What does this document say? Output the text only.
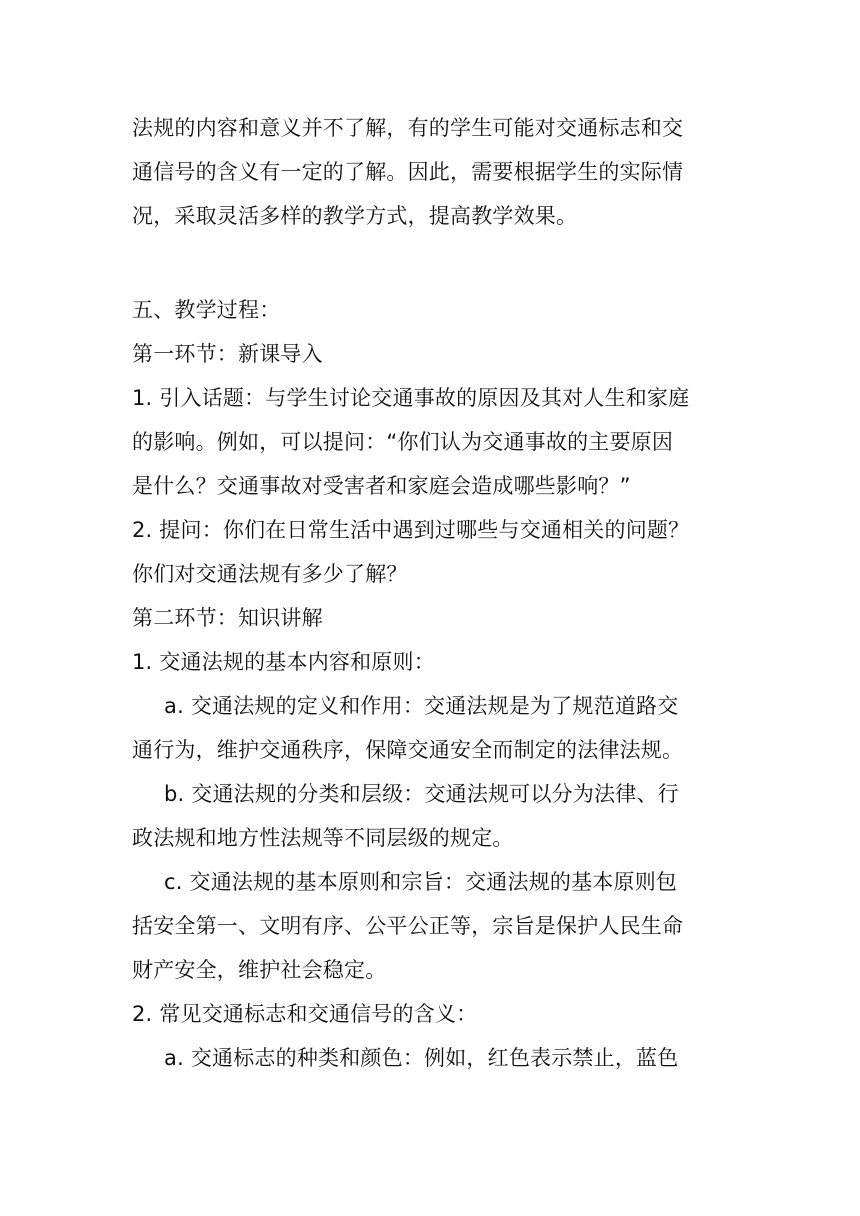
法规的内容和意义并不了解，有的学生可能对交通标志和交
通信号的含义有一定的了解。因此，需要根据学生的实际情
况，采取灵活多样的教学方式，提高教学效果。
五、教学过程：
第一环节：新课导入
1. 引入话题：与学生讨论交通事故的原因及其对人生和家庭
的影响。例如，可以提问：“你们认为交通事故的主要原因
是什么？交通事故对受害者和家庭会造成哪些影响？”
2. 提问：你们在日常生活中遇到过哪些与交通相关的问题？
你们对交通法规有多少了解？
第二环节：知识讲解
1. 交通法规的基本内容和原则：
a. 交通法规的定义和作用：交通法规是为了规范道路交
通行为，维护交通秩序，保障交通安全而制定的法律法规。
b. 交通法规的分类和层级：交通法规可以分为法律、行
政法规和地方性法规等不同层级的规定。
c. 交通法规的基本原则和宗旨：交通法规的基本原则包
括安全第一、文明有序、公平公正等，宗旨是保护人民生命
财产安全，维护社会稳定。
2. 常见交通标志和交通信号的含义：
a. 交通标志的种类和颜色：例如，红色表示禁止，蓝色
